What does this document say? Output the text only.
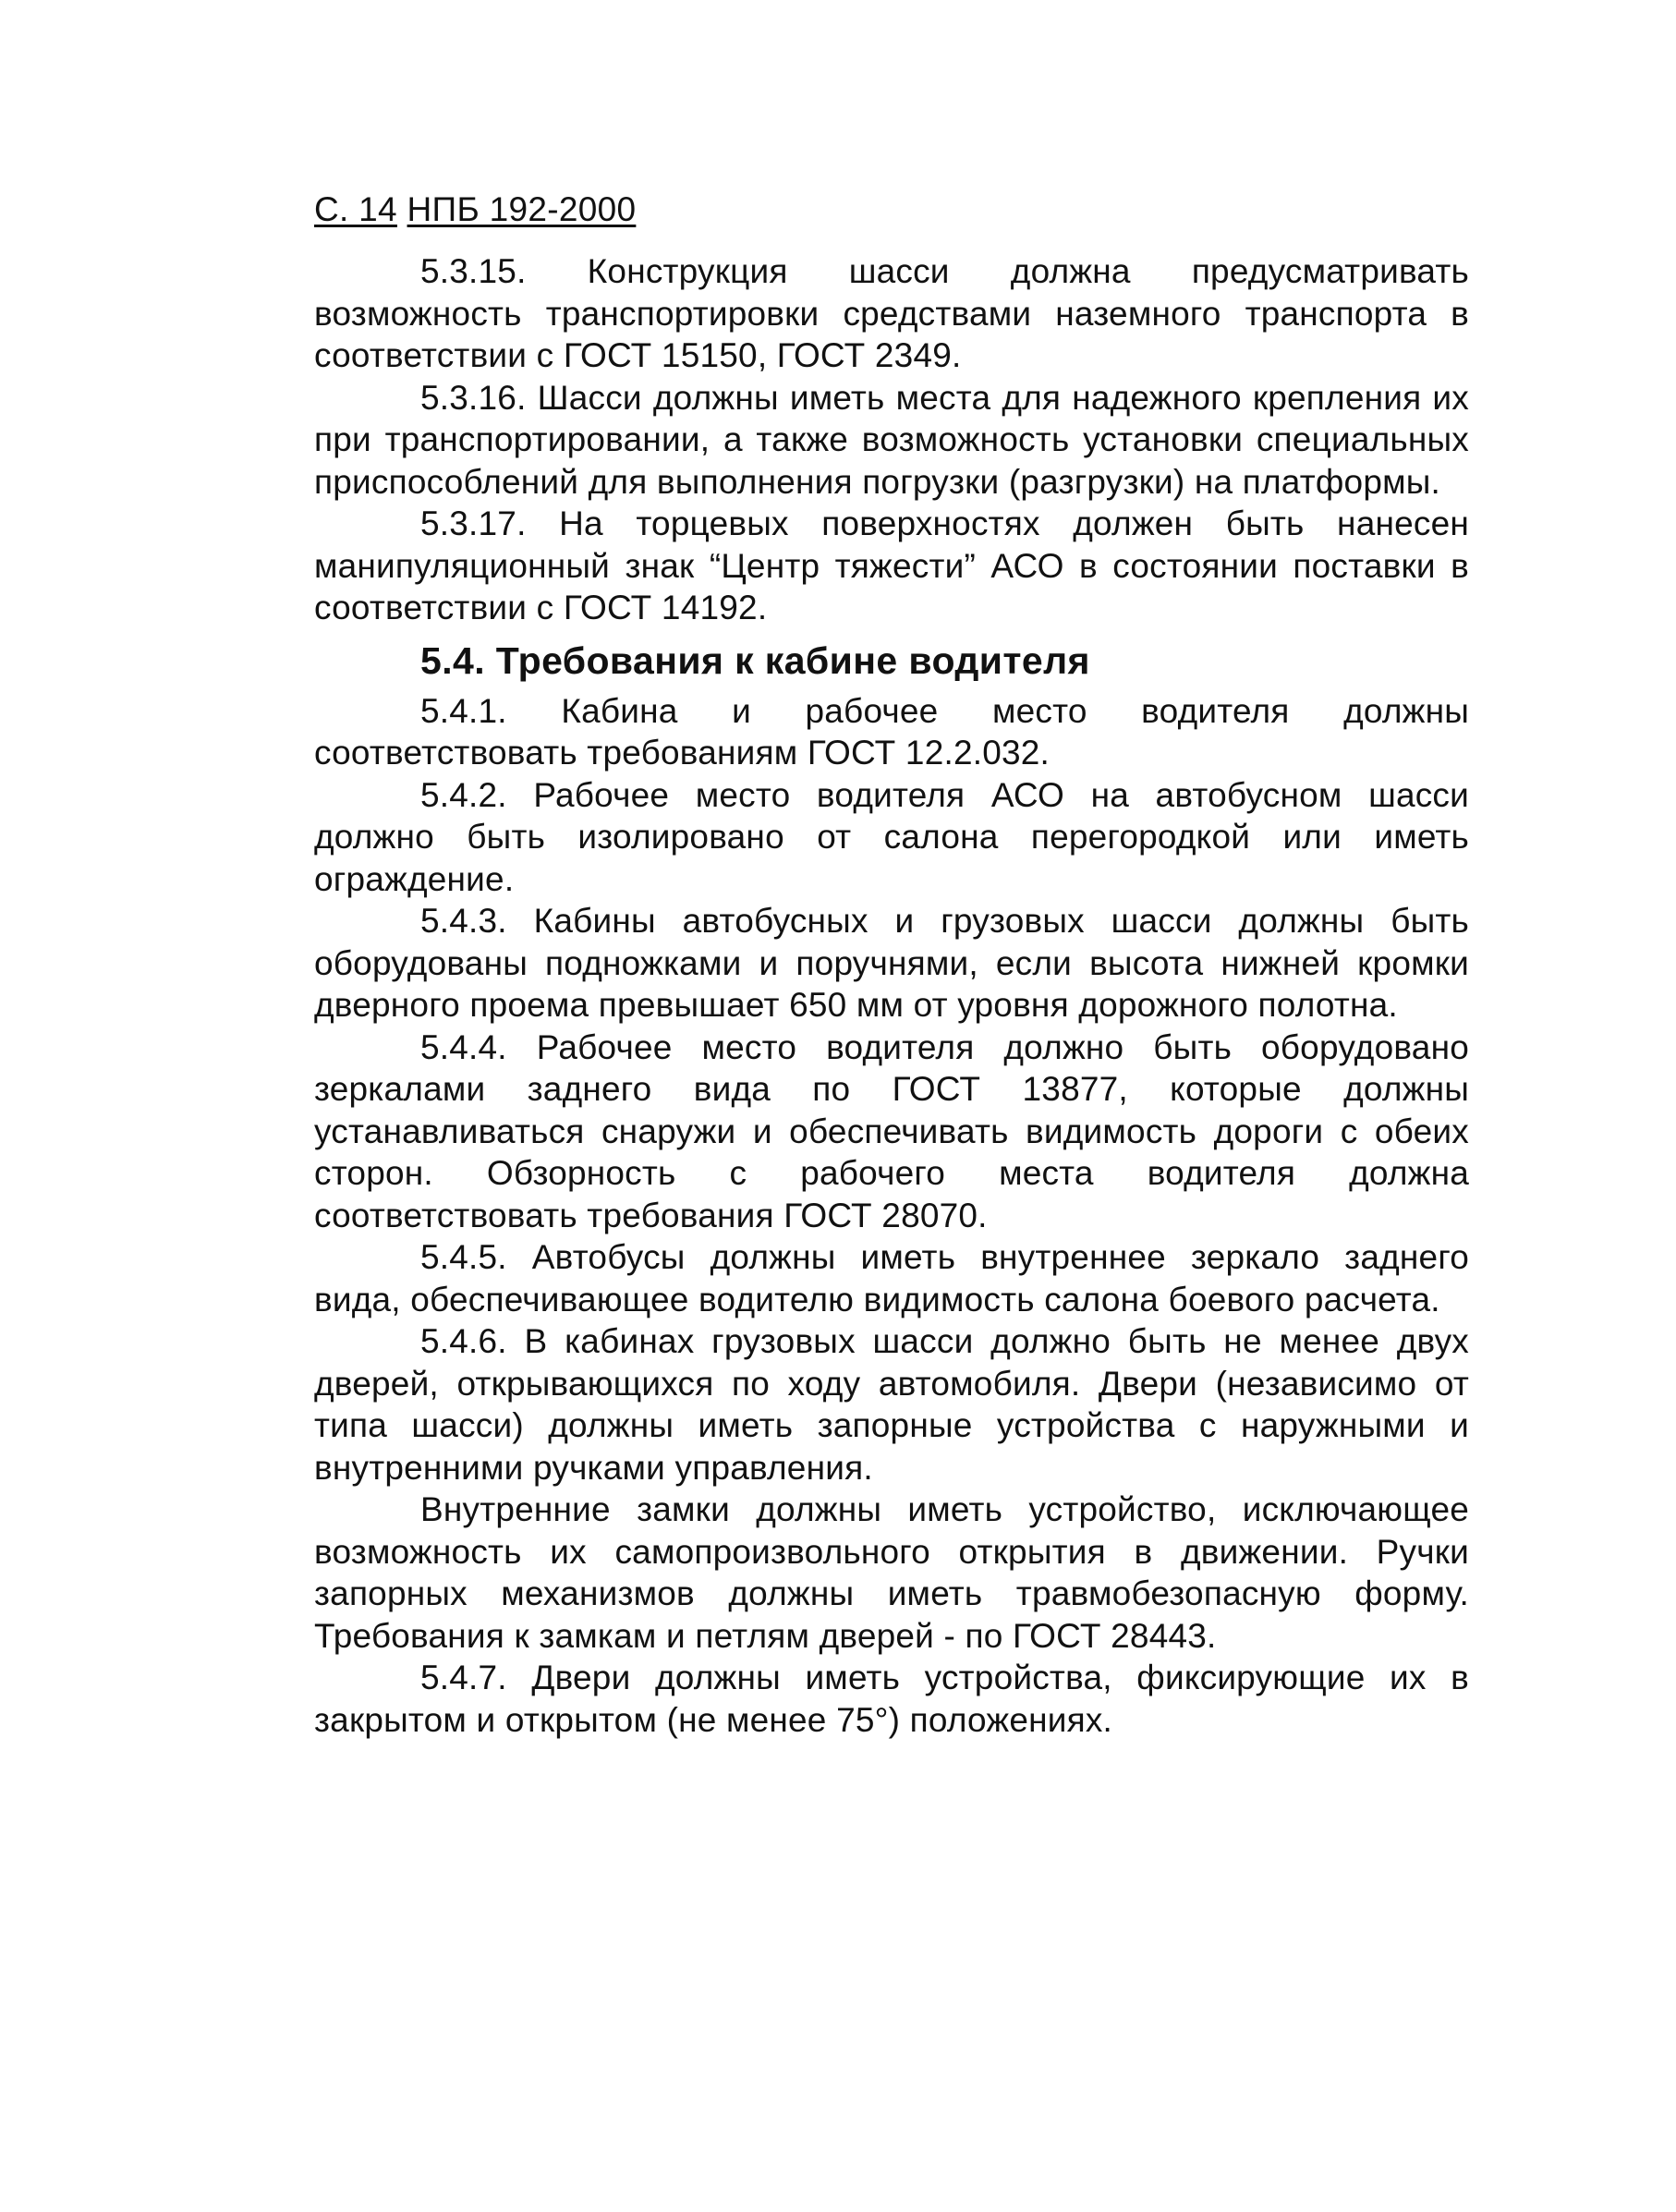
С. 14 НПБ 192-2000

5.3.15. Конструкция шасси должна предусматривать возможность транспортировки средствами наземного транспорта в соответствии с ГОСТ 15150, ГОСТ 2349.

5.3.16. Шасси должны иметь места для надежного крепления их при транспортировании, а также возможность установки специальных приспособлений для выполнения погрузки (разгрузки) на платформы.

5.3.17. На торцевых поверхностях должен быть нанесен манипуляционный знак “Центр тяжести” АСО в состоянии поставки в соответствии с ГОСТ 14192.

5.4. Требования к кабине водителя

5.4.1. Кабина и рабочее место водителя должны соответствовать требованиям ГОСТ 12.2.032.

5.4.2. Рабочее место водителя АСО на автобусном шасси должно быть изолировано от салона перегородкой или иметь ограждение.

5.4.3. Кабины автобусных и грузовых шасси должны быть оборудованы подножками и поручнями, если высота нижней кромки дверного проема превышает 650 мм от уровня дорожного полотна.

5.4.4. Рабочее место водителя должно быть оборудовано зеркалами заднего вида по ГОСТ 13877, которые должны устанавливаться снаружи и обеспечивать видимость дороги с обеих сторон. Обзорность с рабочего места водителя должна соответствовать требования ГОСТ 28070.

5.4.5. Автобусы должны иметь внутреннее зеркало заднего вида, обеспечивающее водителю видимость салона боевого расчета.

5.4.6. В кабинах грузовых шасси должно быть не менее двух дверей, открывающихся по ходу автомобиля. Двери (независимо от типа шасси) должны иметь запорные устройства с наружными и внутренними ручками управления.

Внутренние замки должны иметь устройство, исключающее возможность их самопроизвольного открытия в движении. Ручки запорных механизмов должны иметь травмобезопасную форму. Требования к замкам и петлям дверей - по ГОСТ 28443.

5.4.7. Двери должны иметь устройства, фиксирующие их в закрытом и открытом (не менее 75°) положениях.
